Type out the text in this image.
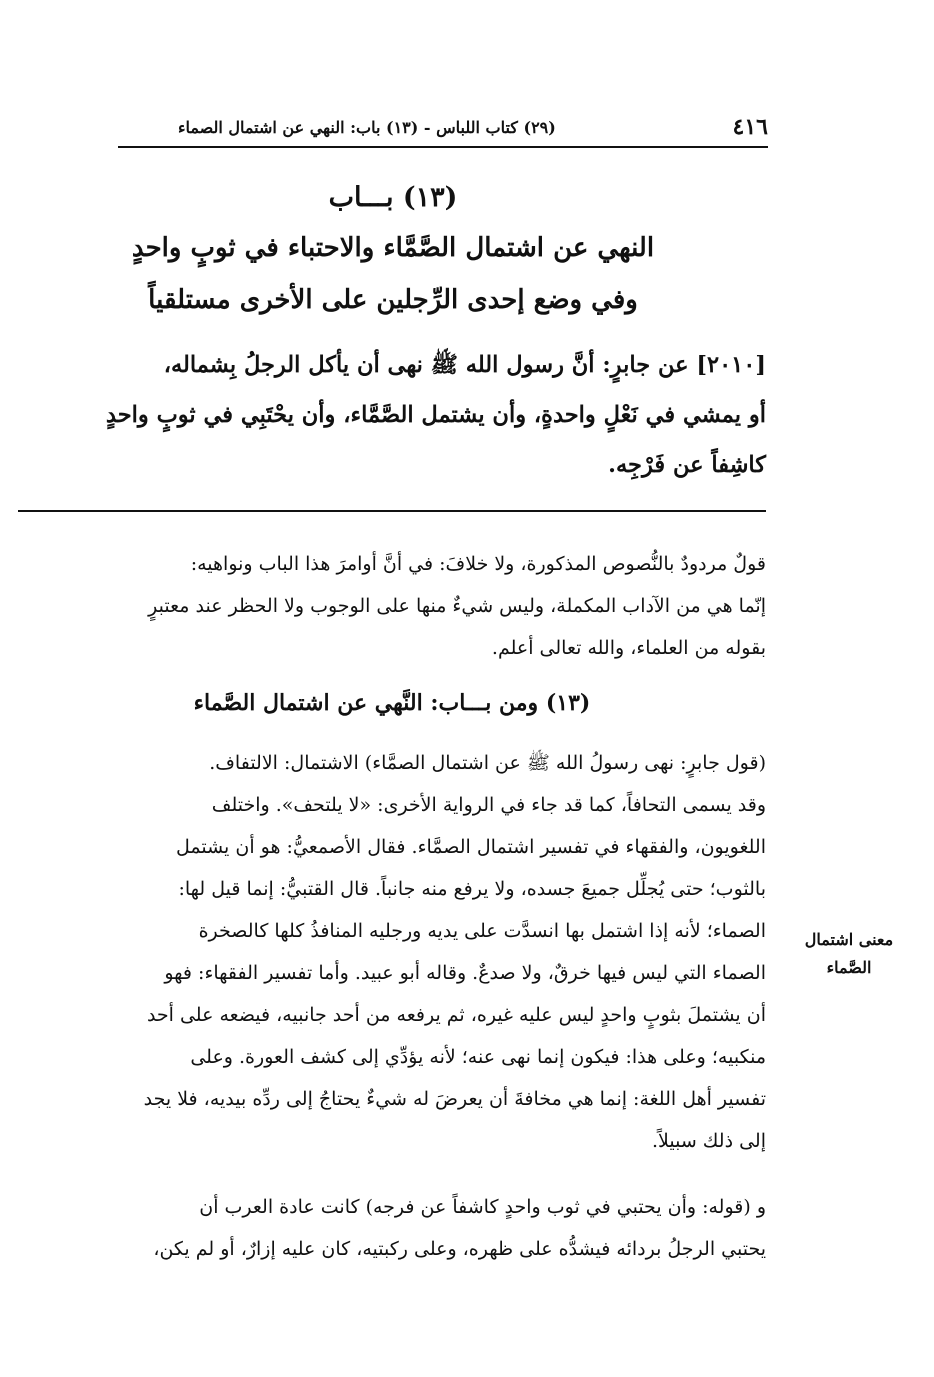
٤١٦
(٢٩) كتاب اللباس - (١٣) باب: النهي عن اشتمال الصماء
(١٣) بـــاب
النهي عن اشتمال الصَّمَّاء والاحتباء في ثوبٍ واحدٍ
وفي وضع إحدى الرِّجلين على الأخرى مستلقياً
[٢٠١٠] عن جابرٍ: أنَّ رسول الله ﷺ نهى أن يأكل الرجلُ بِشماله،
أو يمشي في نَعْلٍ واحدةٍ، وأن يشتمل الصَّمَّاء، وأن يحْتَبِي في ثوبٍ واحدٍ
كاشِفاً عن فَرْجِه.
قولٌ مردودٌ بالنُّصوص المذكورة، ولا خلافَ: في أنَّ أوامرَ هذا الباب ونواهيه:
إنّما هي من الآداب المكملة، وليس شيءٌ منها على الوجوب ولا الحظر عند معتبرٍ
بقوله من العلماء، والله تعالى أعلم.
(١٣) ومن بـــاب: النَّهي عن اشتمال الصَّماء
(قول جابرٍ: نهى رسولُ الله ﷺ عن اشتمال الصمَّاء) الاشتمال: الالتفاف.
وقد يسمى التحافاً، كما قد جاء في الرواية الأخرى: «لا يلتحف». واختلف
اللغويون، والفقهاء في تفسير اشتمال الصمَّاء. فقال الأصمعيُّ: هو أن يشتمل
بالثوب؛ حتى يُجلِّل جميعَ جسده، ولا يرفع منه جانباً. قال القتبيُّ: إنما قيل لها:
الصماء؛ لأنه إذا اشتمل بها انسدَّت على يديه ورجليه المنافذُ كلها كالصخرة
الصماء التي ليس فيها خرقٌ، ولا صدعٌ. وقاله أبو عبيد. وأما تفسير الفقهاء: فهو
أن يشتملَ بثوبٍ واحدٍ ليس عليه غيره، ثم يرفعه من أحد جانبيه، فيضعه على أحد
منكبيه؛ وعلى هذا: فيكون إنما نهى عنه؛ لأنه يؤدِّي إلى كشف العورة. وعلى
تفسير أهل اللغة: إنما هي مخافةَ أن يعرضَ له شيءٌ يحتاجُ إلى ردِّه بيديه، فلا يجد
إلى ذلك سبيلاً.
معنى اشتمال
الصَّماء
و (قوله: وأن يحتبي في ثوب واحدٍ كاشفاً عن فرجه) كانت عادة العرب أن
يحتبي الرجلُ بردائه فيشدُّه على ظهره، وعلى ركبتيه، كان عليه إزارٌ، أو لم يكن،
